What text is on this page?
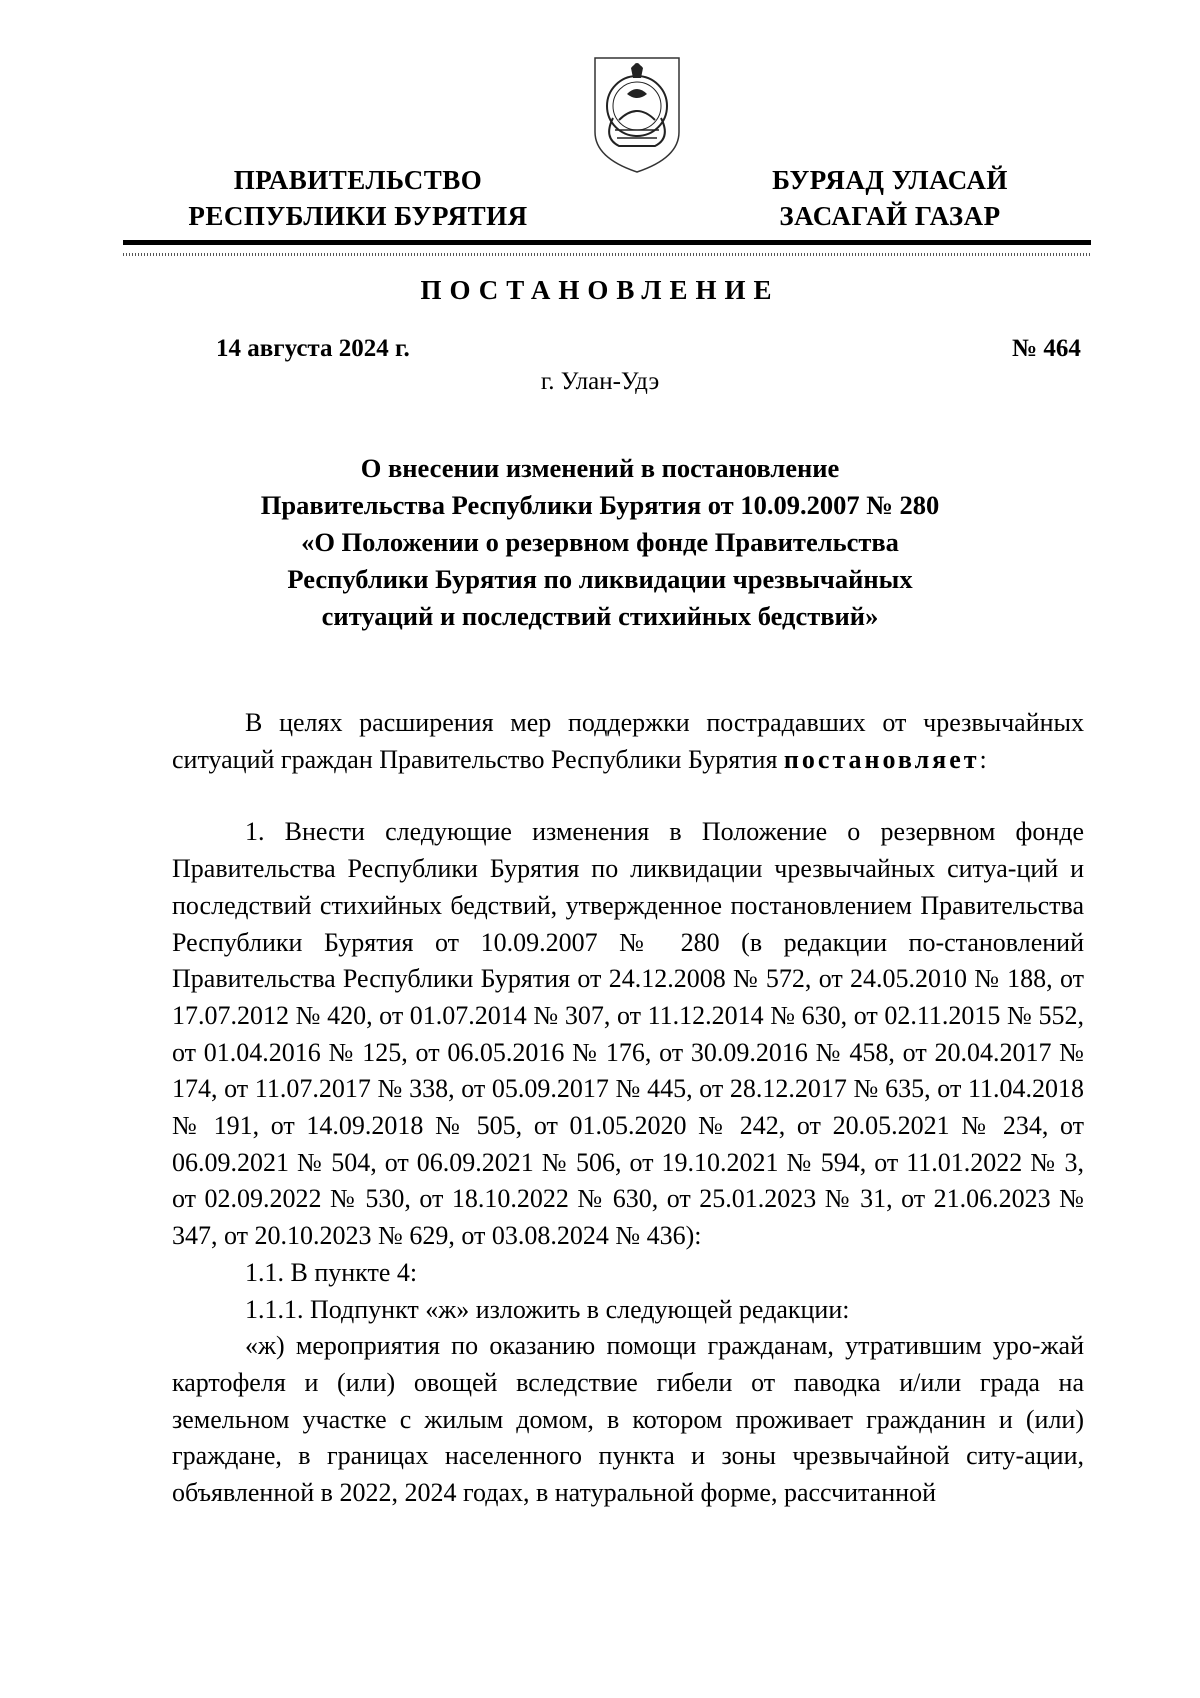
ПРАВИТЕЛЬСТВО
РЕСПУБЛИКИ БУРЯТИЯ
БУРЯАД УЛАСАЙ
ЗАСАГАЙ ГАЗАР
ПОСТАНОВЛЕНИЕ
14 августа 2024 г.	№ 464
г. Улан-Удэ
О внесении изменений в постановление
Правительства Республики Бурятия от 10.09.2007 № 280
«О Положении о резервном фонде Правительства
Республики Бурятия по ликвидации чрезвычайных
ситуаций и последствий стихийных бедствий»

В целях расширения мер поддержки пострадавших от чрезвычайных ситуаций граждан Правительство Республики Бурятия постановляет:

1. Внести следующие изменения в Положение о резервном фонде Правительства Республики Бурятия по ликвидации чрезвычайных ситуа-ций и последствий стихийных бедствий, утвержденное постановлением Правительства Республики Бурятия от 10.09.2007 № 280 (в редакции по-становлений Правительства Республики Бурятия от 24.12.2008 № 572, от 24.05.2010 № 188, от 17.07.2012 № 420, от 01.07.2014 № 307, от 11.12.2014 № 630, от 02.11.2015 № 552, от 01.04.2016 № 125, от 06.05.2016 № 176, от 30.09.2016 № 458, от 20.04.2017 № 174, от 11.07.2017 № 338, от 05.09.2017 № 445, от 28.12.2017 № 635, от 11.04.2018 № 191, от 14.09.2018 № 505, от 01.05.2020 № 242, от 20.05.2021 № 234, от 06.09.2021 № 504, от 06.09.2021 № 506, от 19.10.2021 № 594, от 11.01.2022 № 3, от 02.09.2022 № 530, от 18.10.2022 № 630, от 25.01.2023 № 31, от 21.06.2023 № 347, от 20.10.2023 № 629, от 03.08.2024 № 436):

1.1. В пункте 4:

1.1.1. Подпункт «ж» изложить в следующей редакции:

«ж) мероприятия по оказанию помощи гражданам, утратившим уро-жай картофеля и (или) овощей вследствие гибели от паводка и/или града на земельном участке с жилым домом, в котором проживает гражданин и (или) граждане, в границах населенного пункта и зоны чрезвычайной ситу-ации, объявленной в 2022, 2024 годах, в натуральной форме, рассчитанной
